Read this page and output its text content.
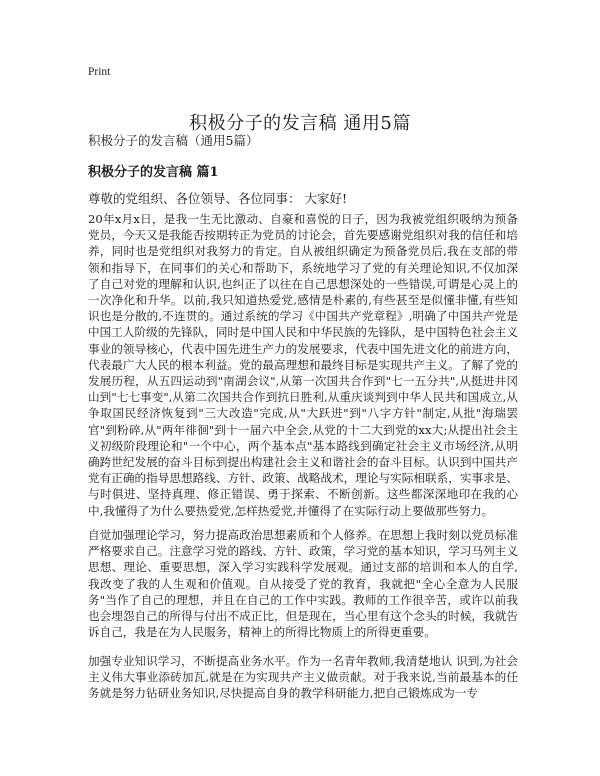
Print
积极分子的发言稿 通用5篇
积极分子的发言稿（通用5篇）
积极分子的发言稿 篇1
尊敬的党组织、各位领导、各位同事： 大家好!

20年x月x日，是我一生无比激动、自豪和喜悦的日子，因为我被党组织吸纳为预备党员，今天又是我能否按期转正为党员的讨论会，首先要感谢党组织对我的信任和培养，同时也是党组织对我努力的肯定。自从被组织确定为预备党员后,我在支部的带领和指导下，在同事们的关心和帮助下，系统地学习了党的有关理论知识,不仅加深了自己对党的理解和认识,也纠正了以往在自己思想深处的一些错误,可谓是心灵上的一次净化和升华。以前,我只知道热爱党,感情是朴素的,有些甚至是似懂非懂,有些知识也是分散的,不连贯的。通过系统的学习《中国共产党章程》,明确了中国共产党是中国工人阶级的先锋队，同时是中国人民和中华民族的先锋队，是中国特色社会主义事业的领导核心，代表中国先进生产力的发展要求，代表中国先进文化的前进方向，代表最广大人民的根本利益。党的最高理想和最终目标是实现共产主义。了解了党的发展历程，从五四运动到"南湖会议",从第一次国共合作到"七一五分共",从挺进井冈山到"七七事变",从第二次国共合作到抗日胜利,从重庆谈判到中华人民共和国成立,从争取国民经济恢复到"三大改造"完成,从"大跃进"到"八字方针"制定,从批"海瑞罢官"到粉碎,从"两年徘徊"到十一届六中全会,从党的十二大到党的xx大;从提出社会主义初级阶段理论和"一个中心，两个基本点"基本路线到确定社会主义市场经济,从明确跨世纪发展的奋斗目标到提出构建社会主义和谐社会的奋斗目标。认识到中国共产党有正确的指导思想路线、方针、政策、战略战术，理论与实际相联系，实事求是、与时俱进、坚持真理、修正错误、勇于探索、不断创新。这些都深深地印在我的心中,我懂得了为什么要热爱党,怎样热爱党,并懂得了在实际行动上要做那些努力。

自觉加强理论学习，努力提高政治思想素质和个人修养。在思想上我时刻以党员标准严格要求自己。注意学习党的路线、方针、政策，学习党的基本知识，学习马列主义思想、理论、重要思想，深入学习实践科学发展观。通过支部的培训和本人的自学,我改变了我的人生观和价值观。自从接受了党的教育，我就把"全心全意为人民服务"当作了自己的理想，并且在自己的工作中实践。教师的工作很辛苦，或许以前我也会埋怨自己的所得与付出不成正比，但是现在，当心里有这个念头的时候，我就告诉自己，我是在为人民服务，精神上的所得比物质上的所得更重要。

加强专业知识学习，不断提高业务水平。作为一名青年教师,我清楚地认 识到,为社会主义伟大事业添砖加瓦,就是在为实现共产主义做贡献。对于我来说,当前最基本的任务就是努力钻研业务知识,尽快提高自身的教学科研能力,把自己锻炼成为一专
